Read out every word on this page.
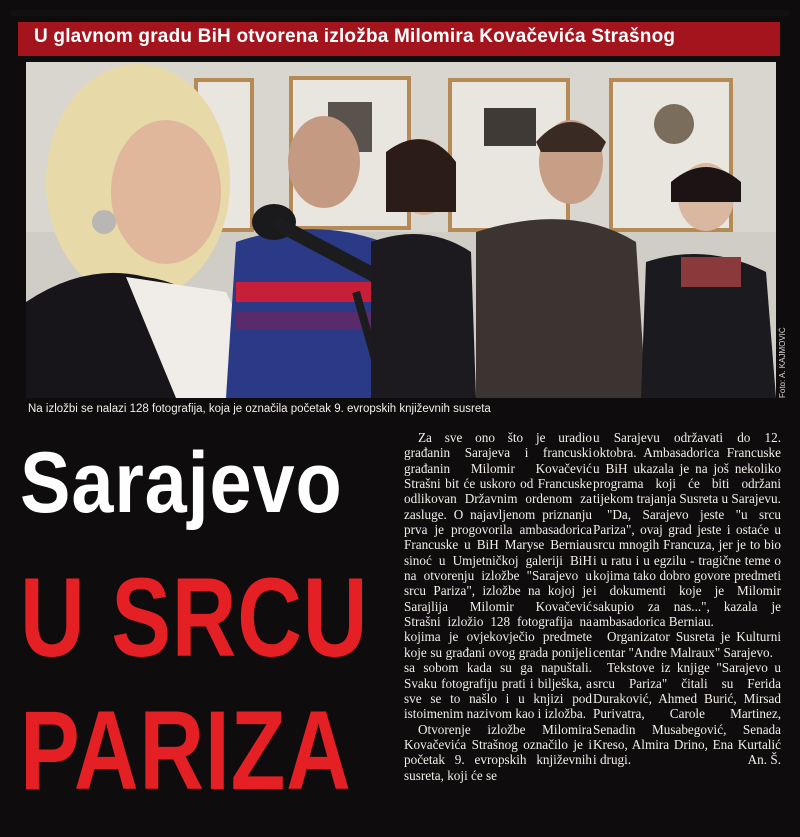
U glavnom gradu BiH otvorena izložba Milomira Kovačevića Strašnog
Foto: A. KAJMOVIĆ
Na izložbi se nalazi 128 fotografija, koja je označila početak 9. evropskih književnih susreta
Sarajevo
U SRCU
PARIZA

Za sve ono što je uradio građanin Sarajeva i francuski građanin Milomir Kovačević Strašni bit će uskoro od Francuske odlikovan Državnim ordenom za zasluge. O najavljenom priznanju prva je progovorila ambasadorica Francuske u BiH Maryse Berniau sinoć u Umjetničkoj galeriji BiH na otvorenju izložbe "Sarajevo u srcu Pariza", izložbe na kojoj je Sarajlija Milomir Kovačević Strašni izložio 128 fotografija na kojima je ovjekovječio predmete koje su građani ovog grada ponijeli sa sobom kada su ga napuštali. Svaku fotografiju prati i bilješka, a sve se to našlo i u knjizi pod istoimenim nazivom kao i izložba.

Otvorenje izložbe Milomira Kovačevića Strašnog označilo je i početak 9. evropskih književnih susreta, koji će se

u Sarajevu održavati do 12. oktobra. Ambasadorica Francuske u BiH ukazala je na još nekoliko programa koji će biti održani tijekom trajanja Susreta u Sarajevu.

"Da, Sarajevo jeste "u srcu Pariza", ovaj grad jeste i ostaće u srcu mnogih Francuza, jer je to bio i u ratu i u egzilu - tragične teme o kojima tako dobro govore predmeti i dokumenti koje je Milomir sakupio za nas...", kazala je ambasadorica Berniau.

Organizator Susreta je Kulturni centar "Andre Malraux" Sarajevo.

Tekstove iz knjige "Sarajevo u srcu Pariza" čitali su Ferida Duraković, Ahmed Burić, Mirsad Purivatra, Carole Martinez, Senadin Musabegović, Senada Kreso, Almira Drino, Ena Kurtalić i drugi.	An. Š.
